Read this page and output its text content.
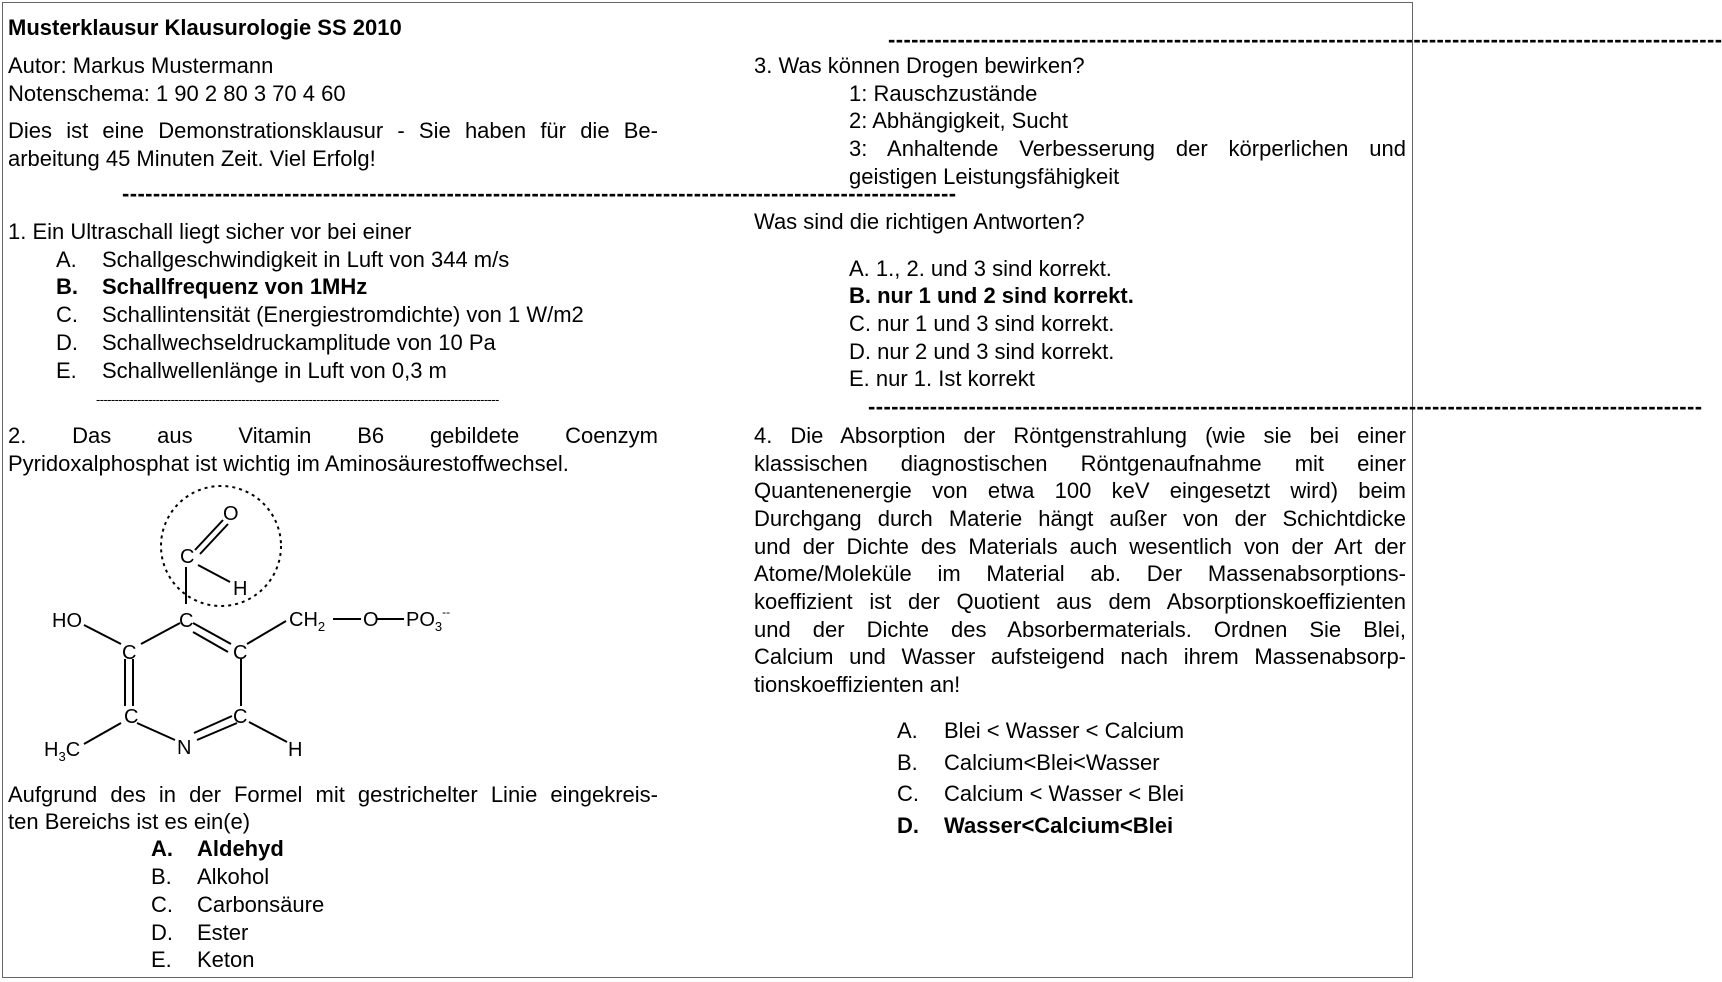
Musterklausur Klausurologie SS 2010
Autor: Markus Mustermann
Notenschema: 1 90 2 80 3 70 4 60
Dies ist eine Demonstrationsklausur - Sie haben für die Be-
arbeitung 45 Minuten Zeit. Viel Erfolg!
------------------------------------------------------------------------------------------------------------
1. Ein Ultraschall liegt sicher vor bei einer
A. Schallgeschwindigkeit in Luft von 344 m/s
B. Schallfrequenz von 1MHz
C. Schallintensität (Energiestromdichte) von 1 W/m2
D. Schallwechseldruckamplitude von 10 Pa
E. Schallwellenlänge in Luft von 0,3 m
------------------------------------------------------------------------------------------------------------
2. Das aus Vitamin B6 gebildete Coenzym
Pyridoxalphosphat ist wichtig im Aminosäurestoffwechsel.
O
C
H
C
HO
C	C
C	C
N	H
$H_3C$
$CH_2$ O $PO_3^{--}$
Aufgrund des in der Formel mit gestrichelter Linie eingekreis-
ten Bereichs ist es ein(e)
A. Aldehyd
B. Alkohol
C. Carbonsäure
D. Ester
E. Keton
------------------------------------------------------------------------------------------------------------
3. Was können Drogen bewirken?
1: Rauschzustände
2: Abhängigkeit, Sucht
3: Anhaltende Verbesserung der körperlichen und
geistigen Leistungsfähigkeit
Was sind die richtigen Antworten?
A. 1., 2. und 3 sind korrekt.
B. nur 1 und 2 sind korrekt.
C. nur 1 und 3 sind korrekt.
D. nur 2 und 3 sind korrekt.
E. nur 1. Ist korrekt
------------------------------------------------------------------------------------------------------------
4. Die Absorption der Röntgenstrahlung (wie sie bei einer
klassischen diagnostischen Röntgenaufnahme mit einer
Quantenenergie von etwa 100 keV eingesetzt wird) beim
Durchgang durch Materie hängt außer von der Schichtdicke
und der Dichte des Materials auch wesentlich von der Art der
Atome/Moleküle im Material ab. Der Massenabsorptions-
koeffizient ist der Quotient aus dem Absorptionskoeffizienten
und der Dichte des Absorbermaterials. Ordnen Sie Blei,
Calcium und Wasser aufsteigend nach ihrem Massenabsorp-
tionskoeffizienten an!
A. Blei < Wasser < Calcium
B. Calcium<Blei<Wasser
C. Calcium < Wasser < Blei
D. Wasser<Calcium<Blei
